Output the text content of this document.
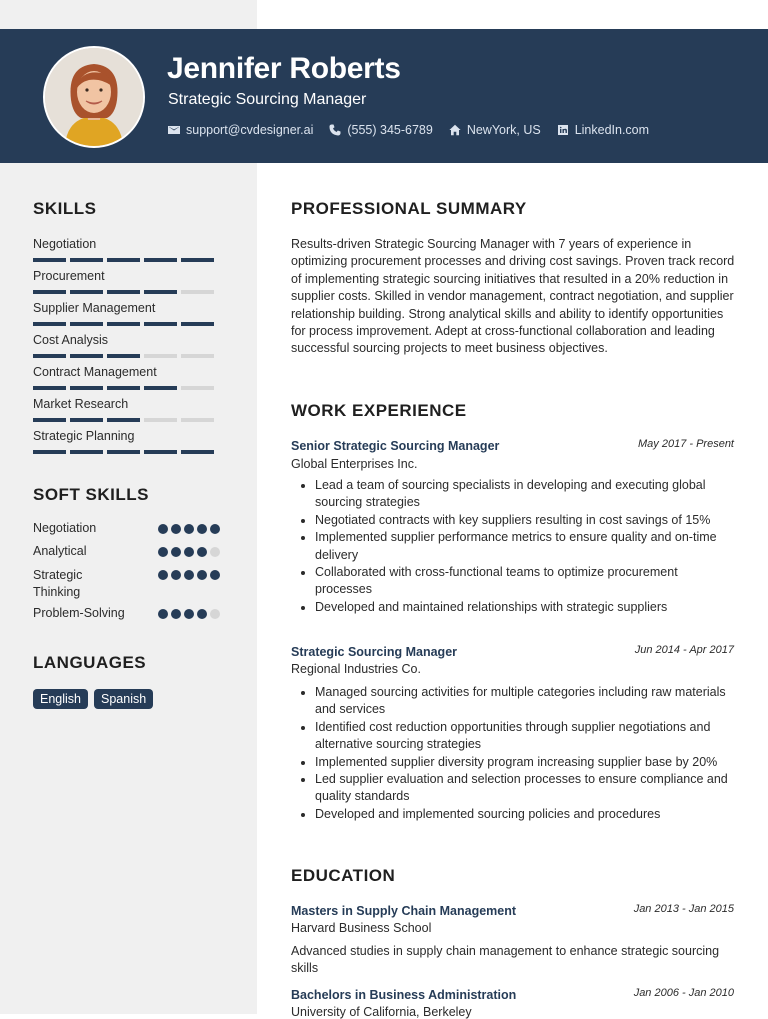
Jennifer Roberts
Strategic Sourcing Manager
support@cvdesigner.ai	(555) 345-6789	NewYork, US	LinkedIn.com
SKILLS
Negotiation
Procurement
Supplier Management
Cost Analysis
Contract Management
Market Research
Strategic Planning
SOFT SKILLS
Negotiation
Analytical
Strategic Thinking
Problem-Solving
LANGUAGES
English	Spanish
PROFESSIONAL SUMMARY
Results-driven Strategic Sourcing Manager with 7 years of experience in optimizing procurement processes and driving cost savings. Proven track record of implementing strategic sourcing initiatives that resulted in a 20% reduction in supplier costs. Skilled in vendor management, contract negotiation, and supplier relationship building. Strong analytical skills and ability to identify opportunities for process improvement. Adept at cross-functional collaboration and leading successful sourcing projects to meet business objectives.
WORK EXPERIENCE
Senior Strategic Sourcing Manager	May 2017 - Present
Global Enterprises Inc.
• Lead a team of sourcing specialists in developing and executing global sourcing strategies
• Negotiated contracts with key suppliers resulting in cost savings of 15%
• Implemented supplier performance metrics to ensure quality and on-time delivery
• Collaborated with cross-functional teams to optimize procurement processes
• Developed and maintained relationships with strategic suppliers
Strategic Sourcing Manager	Jun 2014 - Apr 2017
Regional Industries Co.
• Managed sourcing activities for multiple categories including raw materials and services
• Identified cost reduction opportunities through supplier negotiations and alternative sourcing strategies
• Implemented supplier diversity program increasing supplier base by 20%
• Led supplier evaluation and selection processes to ensure compliance and quality standards
• Developed and implemented sourcing policies and procedures
EDUCATION
Masters in Supply Chain Management	Jan 2013 - Jan 2015
Harvard Business School
Advanced studies in supply chain management to enhance strategic sourcing skills
Bachelors in Business Administration	Jan 2006 - Jan 2010
University of California, Berkeley
